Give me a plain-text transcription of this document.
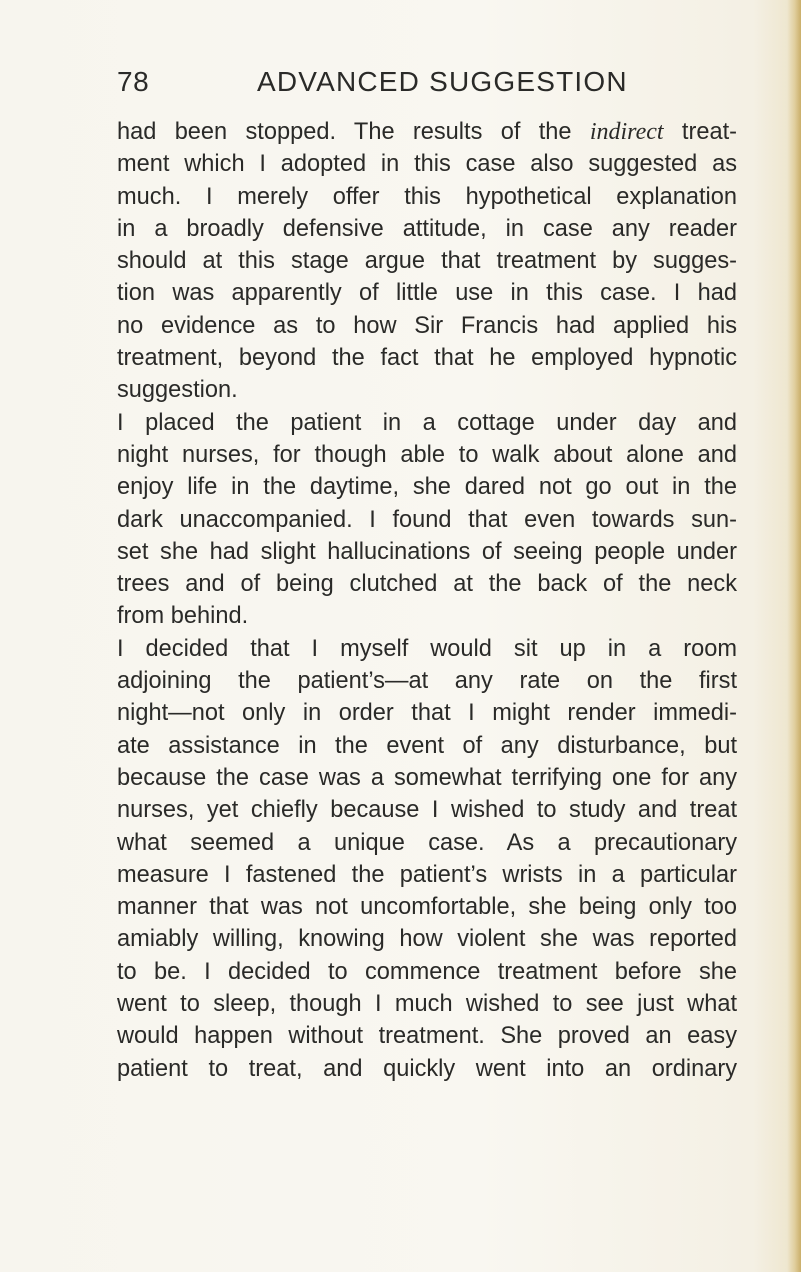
78	ADVANCED SUGGESTION
had been stopped. The results of the indirect treat-
ment which I adopted in this case also suggested as
much. I merely offer this hypothetical explanation
in a broadly defensive attitude, in case any reader
should at this stage argue that treatment by sugges-
tion was apparently of little use in this case. I had
no evidence as to how Sir Francis had applied his
treatment, beyond the fact that he employed hypnotic
suggestion.
I placed the patient in a cottage under day and
night nurses, for though able to walk about alone and
enjoy life in the daytime, she dared not go out in the
dark unaccompanied. I found that even towards sun-
set she had slight hallucinations of seeing people under
trees and of being clutched at the back of the neck
from behind.
I decided that I myself would sit up in a room
adjoining the patient’s—at any rate on the first
night—not only in order that I might render immedi-
ate assistance in the event of any disturbance, but
because the case was a somewhat terrifying one for any
nurses, yet chiefly because I wished to study and treat
what seemed a unique case. As a precautionary
measure I fastened the patient’s wrists in a particular
manner that was not uncomfortable, she being only too
amiably willing, knowing how violent she was reported
to be. I decided to commence treatment before she
went to sleep, though I much wished to see just what
would happen without treatment. She proved an easy
patient to treat, and quickly went into an ordinary
